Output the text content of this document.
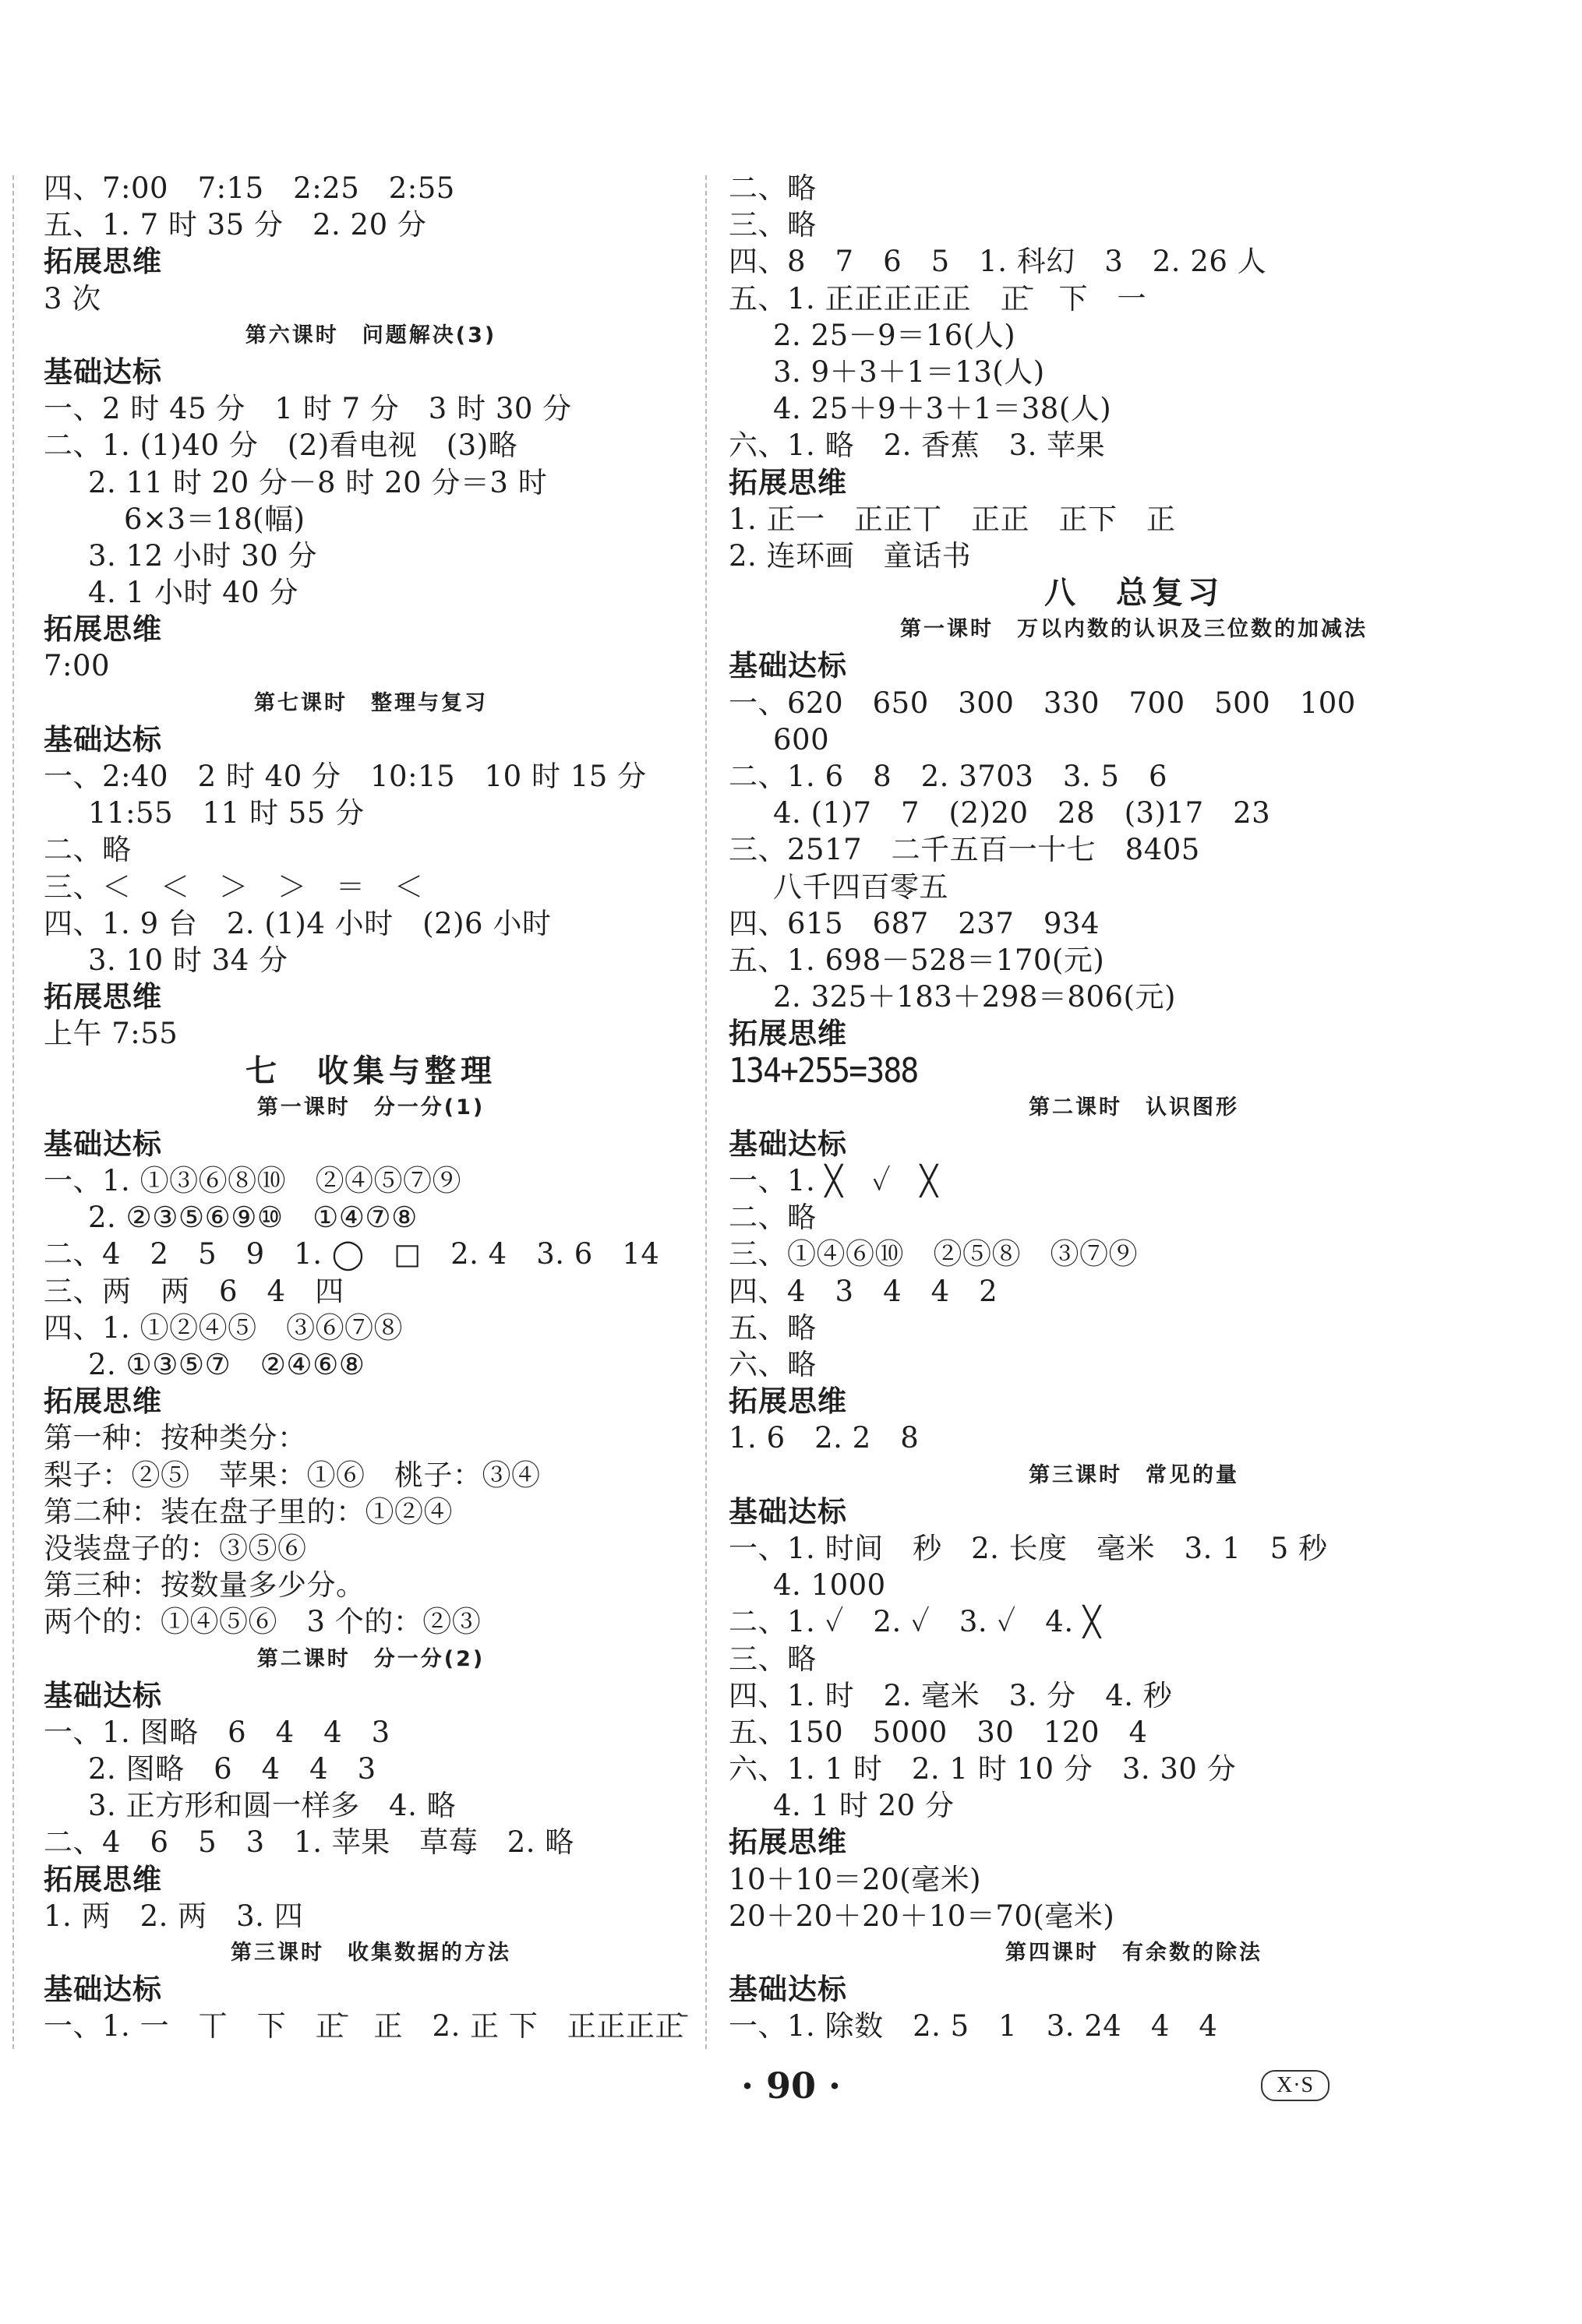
四、7:00　7:15　2:25　2:55
五、1. 7 时 35 分　2. 20 分
拓展思维
3 次
第六课时　问题解决(3)
基础达标
一、2 时 45 分　1 时 7 分　3 时 30 分
二、1. (1)40 分　(2)看电视　(3)略
2. 11 时 20 分－8 时 20 分＝3 时
6×3＝18(幅)
3. 12 小时 30 分
4. 1 小时 40 分
拓展思维
7:00
第七课时　整理与复习
基础达标
一、2:40　2 时 40 分　10:15　10 时 15 分
11:55　11 时 55 分
二、略
三、＜　＜　＞　＞　＝　＜
四、1. 9 台　2. (1)4 小时　(2)6 小时
3. 10 时 34 分
拓展思维
上午 7:55
七　收集与整理
第一课时　分一分(1)
基础达标
一、1. ①③⑥⑧⑩　②④⑤⑦⑨
2. ②③⑤⑥⑨⑩　①④⑦⑧
二、4　2　5　9　1. ◯　□　2. 4　3. 6　14
三、两　两　6　4　四
四、1. ①②④⑤　③⑥⑦⑧
2. ①③⑤⑦　②④⑥⑧
拓展思维
第一种：按种类分：
梨子：②⑤　苹果：①⑥　桃子：③④
第二种：装在盘子里的：①②④
没装盘子的：③⑤⑥
第三种：按数量多少分。
两个的：①④⑤⑥　3 个的：②③
第二课时　分一分(2)
基础达标
一、1. 图略　6　4　4　3
2. 图略　6　4　4　3
3. 正方形和圆一样多　4. 略
二、4　6　5　3　1. 苹果　草莓　2. 略
拓展思维
1. 两　2. 两　3. 四
第三课时　收集数据的方法
基础达标
一、1. 一　丅　下　正̄　正　2. 正 下　正正正正̄
二、略
三、略
四、8　7　6　5　1. 科幻　3　2. 26 人
五、1. 正正正正正　正̄　下　一
2. 25－9＝16(人)
3. 9＋3＋1＝13(人)
4. 25＋9＋3＋1＝38(人)
六、1. 略　2. 香蕉　3. 苹果
拓展思维
1. 正一　正正丅　正正　正下　正
2. 连环画　童话书
八　总复习
第一课时　万以内数的认识及三位数的加减法
基础达标
一、620　650　300　330　700　500　100
600
二、1. 6　8　2. 3703　3. 5　6
4. (1)7　7　(2)20　28　(3)17　23
三、2517　二千五百一十七　8405
八千四百零五
四、615　687　237　934
五、1. 698－528＝170(元)
2. 325＋183＋298＝806(元)
拓展思维
134+255=388
第二课时　认识图形
基础达标
一、1. ╳　✓　╳
二、略
三、①④⑥⑩　②⑤⑧　③⑦⑨
四、4　3　4　4　2
五、略
六、略
拓展思维
1. 6　2. 2　8
第三课时　常见的量
基础达标
一、1. 时间　秒　2. 长度　毫米　3. 1　5 秒
4. 1000
二、1. ✓　2. ✓　3. ✓　4. ╳
三、略
四、1. 时　2. 毫米　3. 分　4. 秒
五、150　5000　30　120　4
六、1. 1 时　2. 1 时 10 分　3. 30 分
4. 1 时 20 分
拓展思维
10＋10＝20(毫米)
20＋20＋20＋10＝70(毫米)
第四课时　有余数的除法
基础达标
一、1. 除数　2. 5　1　3. 24　4　4
· 90 ·	X·S
